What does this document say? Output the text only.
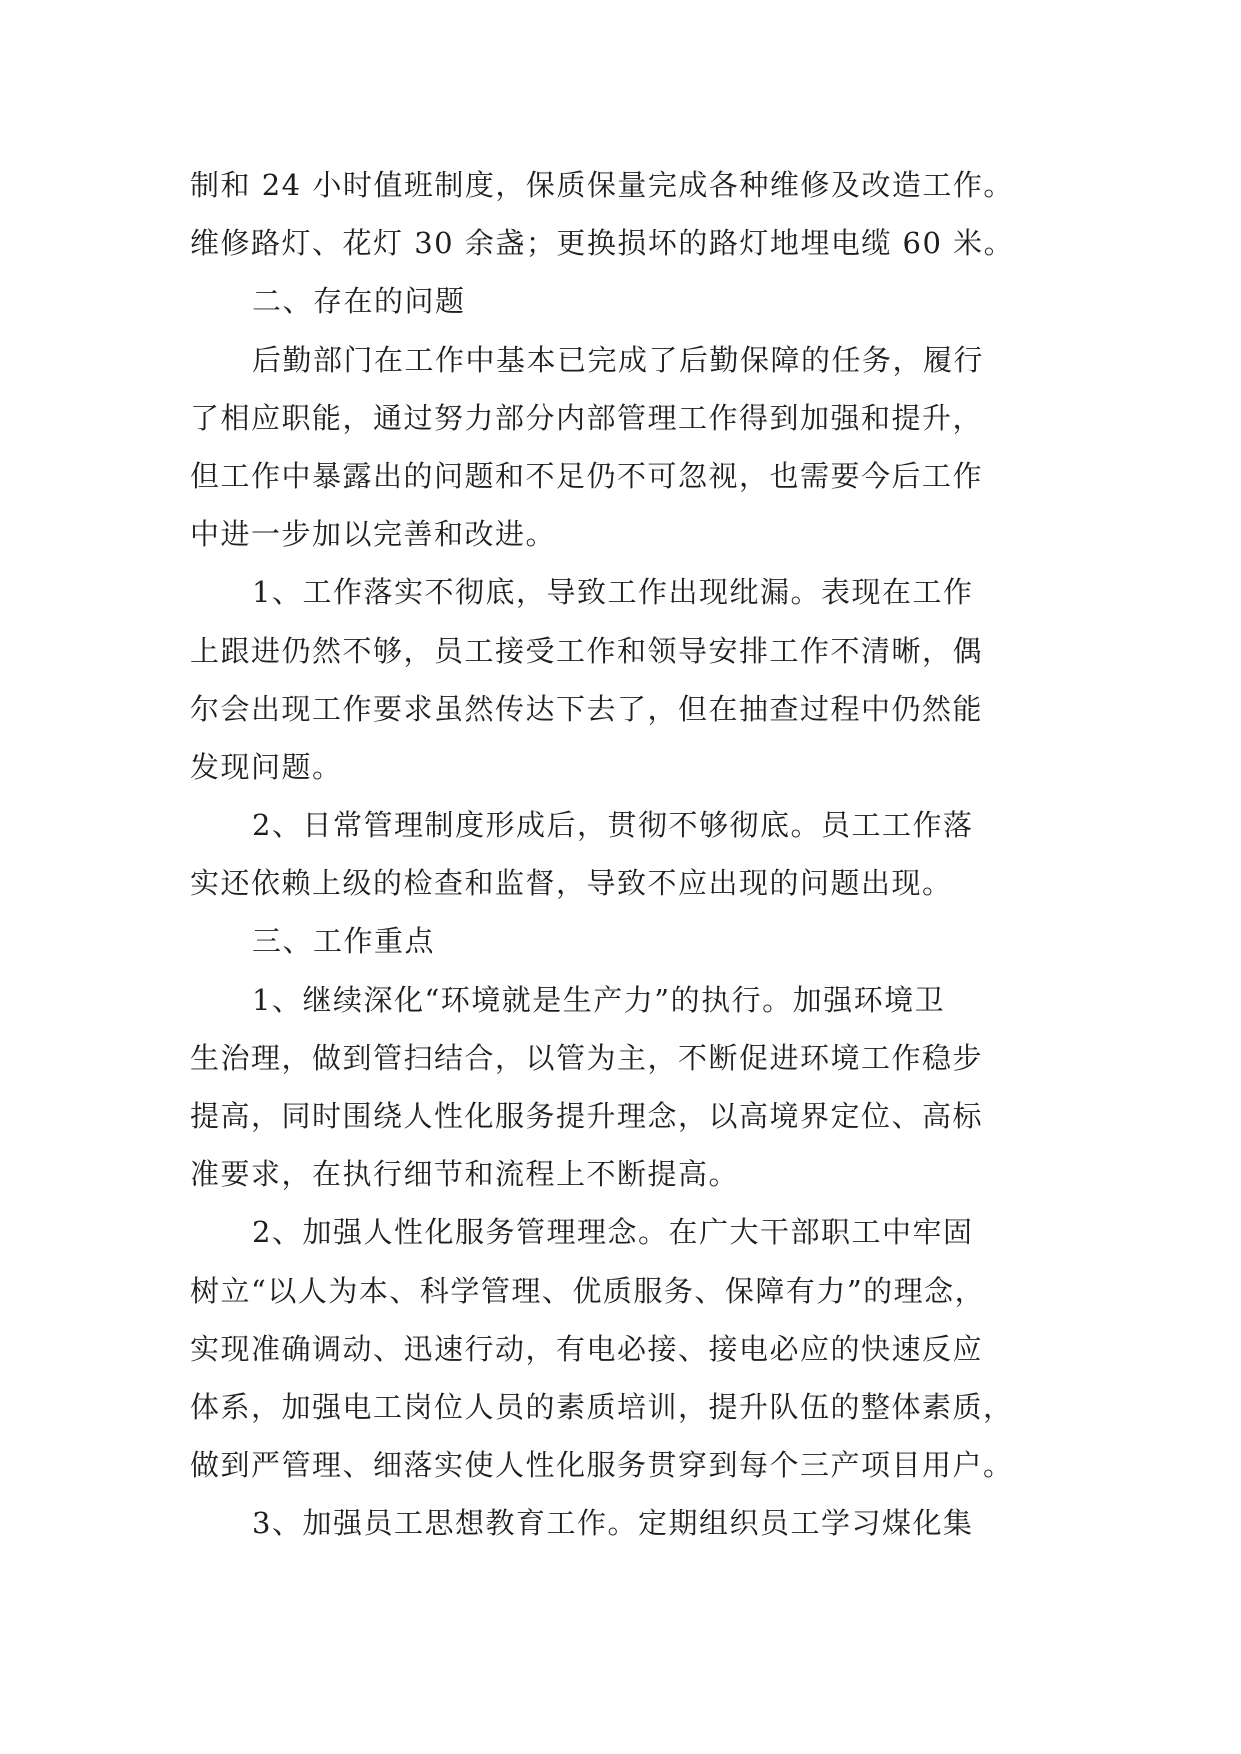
制和 24 小时值班制度，保质保量完成各种维修及改造工作。
维修路灯、花灯 30 余盏；更换损坏的路灯地埋电缆 60 米。
二、存在的问题
后勤部门在工作中基本已完成了后勤保障的任务，履行
了相应职能，通过努力部分内部管理工作得到加强和提升，
但工作中暴露出的问题和不足仍不可忽视，也需要今后工作
中进一步加以完善和改进。
1、工作落实不彻底，导致工作出现纰漏。表现在工作
上跟进仍然不够，员工接受工作和领导安排工作不清晰，偶
尔会出现工作要求虽然传达下去了，但在抽查过程中仍然能
发现问题。
2、日常管理制度形成后，贯彻不够彻底。员工工作落
实还依赖上级的检查和监督，导致不应出现的问题出现。
三、工作重点
1、继续深化“环境就是生产力”的执行。加强环境卫
生治理，做到管扫结合，以管为主，不断促进环境工作稳步
提高，同时围绕人性化服务提升理念，以高境界定位、高标
准要求，在执行细节和流程上不断提高。
2、加强人性化服务管理理念。在广大干部职工中牢固
树立“以人为本、科学管理、优质服务、保障有力”的理念，
实现准确调动、迅速行动，有电必接、接电必应的快速反应
体系，加强电工岗位人员的素质培训，提升队伍的整体素质，
做到严管理、细落实使人性化服务贯穿到每个三产项目用户。
3、加强员工思想教育工作。定期组织员工学习煤化集
